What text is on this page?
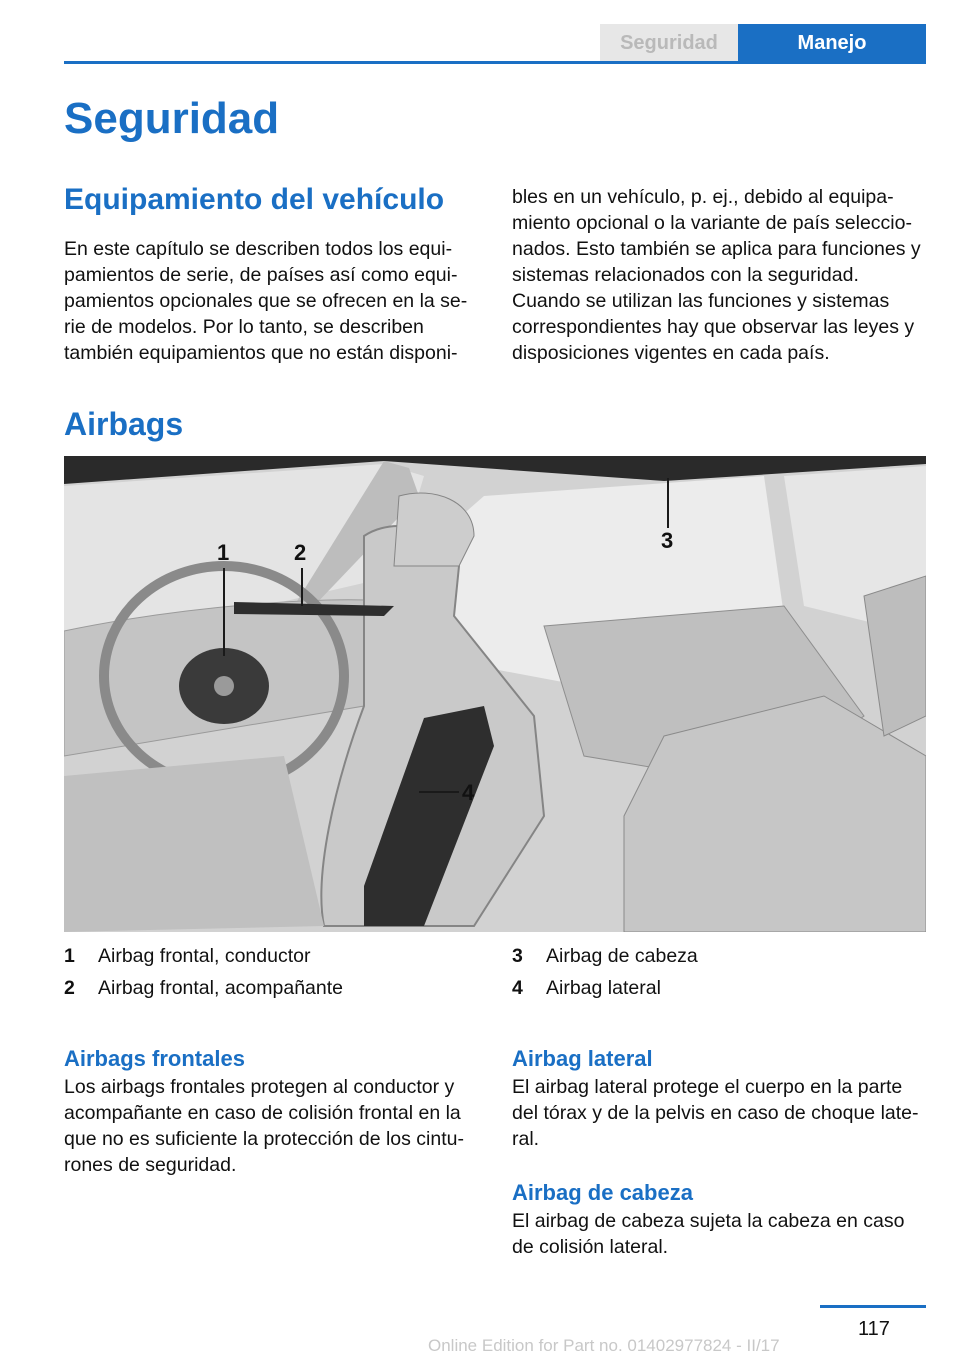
Seguridad	Manejo
Seguridad
Equipamiento del vehículo

En este capítulo se describen todos los equi-

pamientos de serie, de países así como equi-

pamientos opcionales que se ofrecen en la se-

rie de modelos. Por lo tanto, se describen

también equipamientos que no están disponi-

bles en un vehículo, p. ej., debido al equipa-

miento opcional o la variante de país seleccio-

nados. Esto también se aplica para funciones y

sistemas relacionados con la seguridad.

Cuando se utilizan las funciones y sistemas

correspondientes hay que observar las leyes y

disposiciones vigentes en cada país.

Airbags
1	2	3
4
1	Airbag frontal, conductor
2	Airbag frontal, acompañante
3	Airbag de cabeza
4	Airbag lateral
Airbags frontales

Los airbags frontales protegen al conductor y

acompañante en caso de colisión frontal en la

que no es suficiente la protección de los cintu-

rones de seguridad.

Airbag lateral

El airbag lateral protege el cuerpo en la parte

del tórax y de la pelvis en caso de choque late-

ral.

Airbag de cabeza

El airbag de cabeza sujeta la cabeza en caso

de colisión lateral.

117
Online Edition for Part no. 01402977824 - II/17
